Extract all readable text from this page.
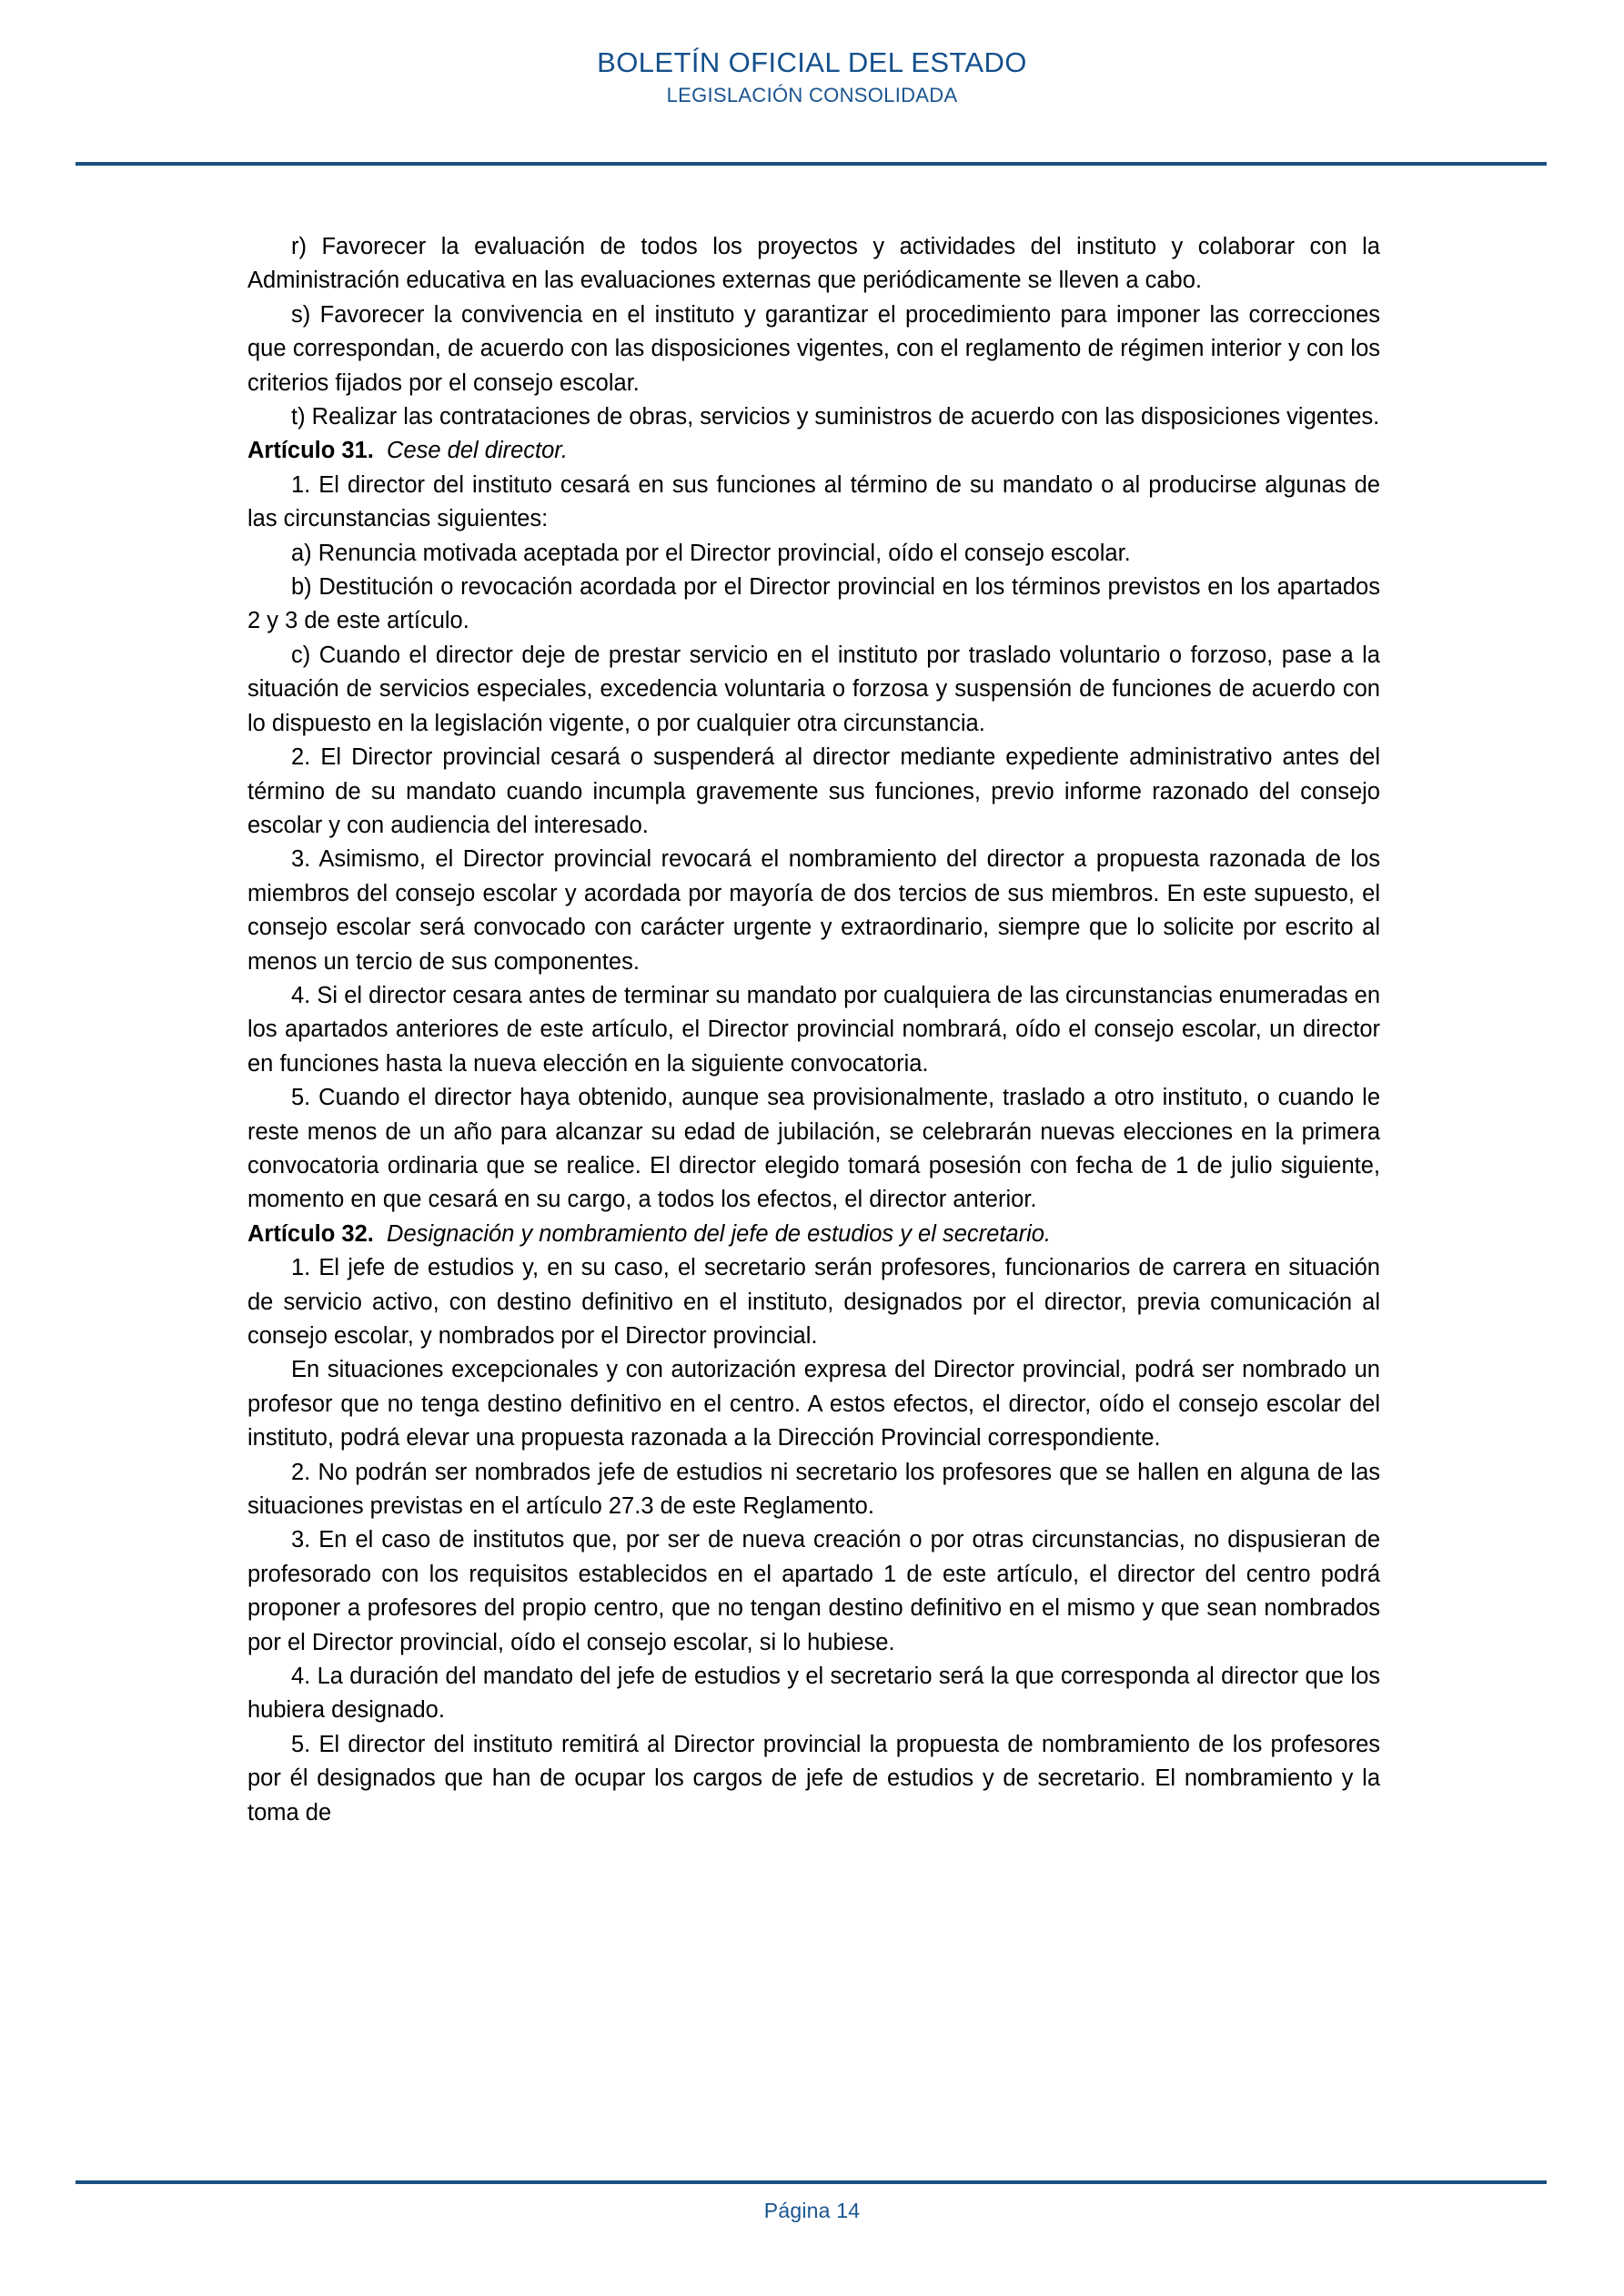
BOLETÍN OFICIAL DEL ESTADO
LEGISLACIÓN CONSOLIDADA

r) Favorecer la evaluación de todos los proyectos y actividades del instituto y colaborar con la Administración educativa en las evaluaciones externas que periódicamente se lleven a cabo.

s) Favorecer la convivencia en el instituto y garantizar el procedimiento para imponer las correcciones que correspondan, de acuerdo con las disposiciones vigentes, con el reglamento de régimen interior y con los criterios fijados por el consejo escolar.

t) Realizar las contrataciones de obras, servicios y suministros de acuerdo con las disposiciones vigentes.

Artículo 31. Cese del director.

1. El director del instituto cesará en sus funciones al término de su mandato o al producirse algunas de las circunstancias siguientes:

a) Renuncia motivada aceptada por el Director provincial, oído el consejo escolar.

b) Destitución o revocación acordada por el Director provincial en los términos previstos en los apartados 2 y 3 de este artículo.

c) Cuando el director deje de prestar servicio en el instituto por traslado voluntario o forzoso, pase a la situación de servicios especiales, excedencia voluntaria o forzosa y suspensión de funciones de acuerdo con lo dispuesto en la legislación vigente, o por cualquier otra circunstancia.

2. El Director provincial cesará o suspenderá al director mediante expediente administrativo antes del término de su mandato cuando incumpla gravemente sus funciones, previo informe razonado del consejo escolar y con audiencia del interesado.

3. Asimismo, el Director provincial revocará el nombramiento del director a propuesta razonada de los miembros del consejo escolar y acordada por mayoría de dos tercios de sus miembros. En este supuesto, el consejo escolar será convocado con carácter urgente y extraordinario, siempre que lo solicite por escrito al menos un tercio de sus componentes.

4. Si el director cesara antes de terminar su mandato por cualquiera de las circunstancias enumeradas en los apartados anteriores de este artículo, el Director provincial nombrará, oído el consejo escolar, un director en funciones hasta la nueva elección en la siguiente convocatoria.

5. Cuando el director haya obtenido, aunque sea provisionalmente, traslado a otro instituto, o cuando le reste menos de un año para alcanzar su edad de jubilación, se celebrarán nuevas elecciones en la primera convocatoria ordinaria que se realice. El director elegido tomará posesión con fecha de 1 de julio siguiente, momento en que cesará en su cargo, a todos los efectos, el director anterior.

Artículo 32. Designación y nombramiento del jefe de estudios y el secretario.

1. El jefe de estudios y, en su caso, el secretario serán profesores, funcionarios de carrera en situación de servicio activo, con destino definitivo en el instituto, designados por el director, previa comunicación al consejo escolar, y nombrados por el Director provincial.

En situaciones excepcionales y con autorización expresa del Director provincial, podrá ser nombrado un profesor que no tenga destino definitivo en el centro. A estos efectos, el director, oído el consejo escolar del instituto, podrá elevar una propuesta razonada a la Dirección Provincial correspondiente.

2. No podrán ser nombrados jefe de estudios ni secretario los profesores que se hallen en alguna de las situaciones previstas en el artículo 27.3 de este Reglamento.

3. En el caso de institutos que, por ser de nueva creación o por otras circunstancias, no dispusieran de profesorado con los requisitos establecidos en el apartado 1 de este artículo, el director del centro podrá proponer a profesores del propio centro, que no tengan destino definitivo en el mismo y que sean nombrados por el Director provincial, oído el consejo escolar, si lo hubiese.

4. La duración del mandato del jefe de estudios y el secretario será la que corresponda al director que los hubiera designado.

5. El director del instituto remitirá al Director provincial la propuesta de nombramiento de los profesores por él designados que han de ocupar los cargos de jefe de estudios y de secretario. El nombramiento y la toma de

Página 14
